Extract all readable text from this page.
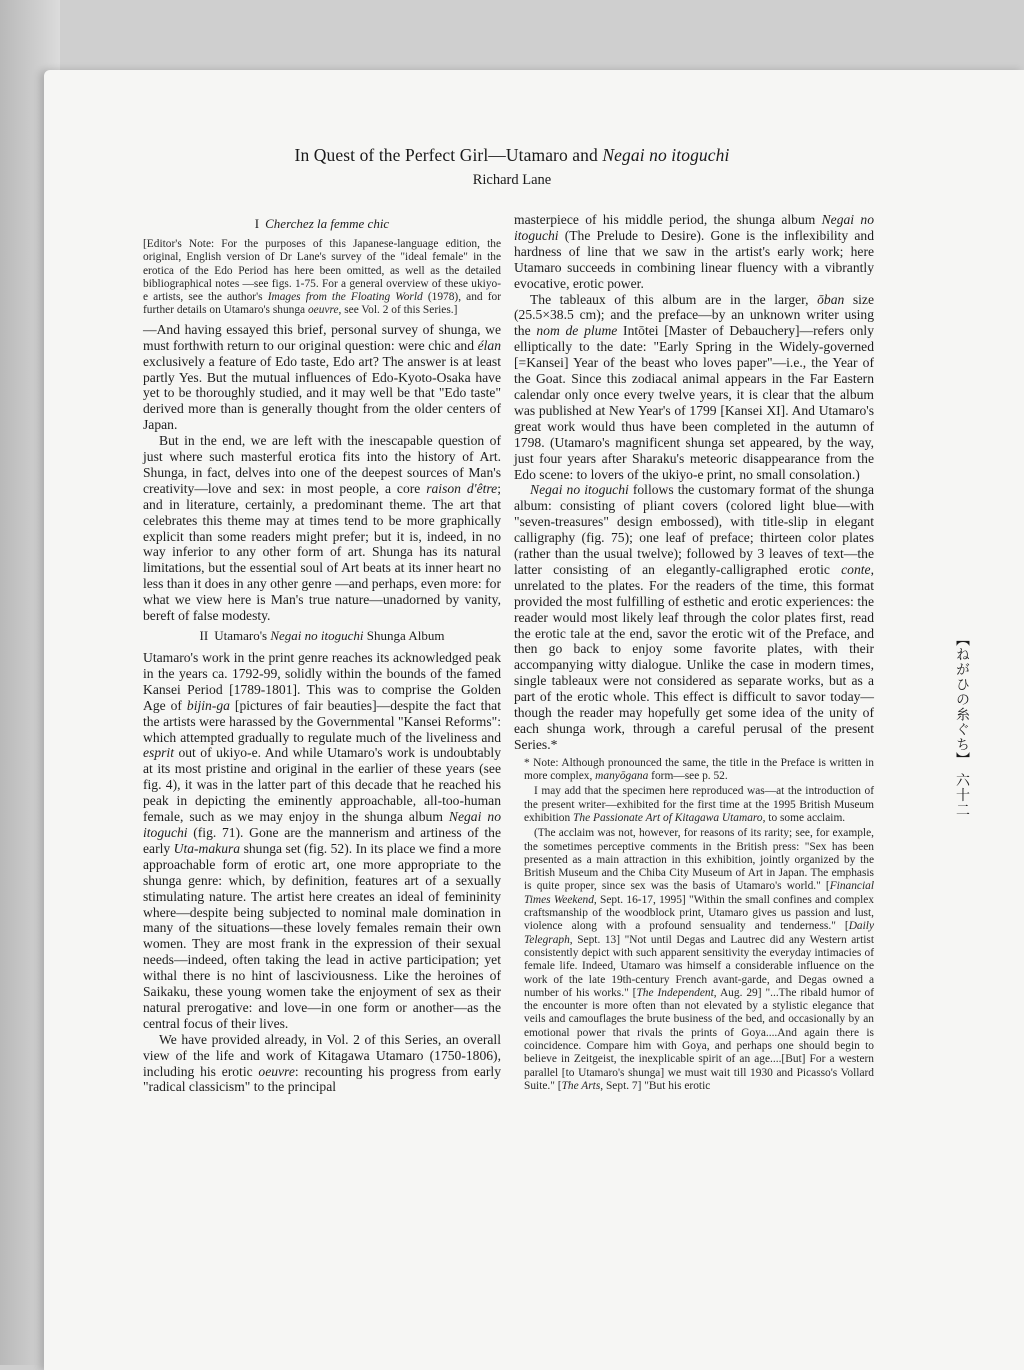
In Quest of the Perfect Girl—Utamaro and Negai no itoguchi
Richard Lane
I Cherchez la femme chic

[Editor's Note: For the purposes of this Japanese-language edition, the original, English version of Dr Lane's survey of the "ideal female" in the erotica of the Edo Period has here been omitted, as well as the detailed bibliographical notes —see figs. 1-75. For a general overview of these ukiyo-e artists, see the author's Images from the Floating World (1978), and for further details on Utamaro's shunga oeuvre, see Vol. 2 of this Series.]

—And having essayed this brief, personal survey of shunga, we must forthwith return to our original question: were chic and élan exclusively a feature of Edo taste, Edo art? The answer is at least partly Yes. But the mutual influences of Edo-Kyoto-Osaka have yet to be thoroughly studied, and it may well be that "Edo taste" derived more than is generally thought from the older centers of Japan.

But in the end, we are left with the inescapable question of just where such masterful erotica fits into the history of Art. Shunga, in fact, delves into one of the deepest sources of Man's creativity—love and sex: in most people, a core raison d'être; and in literature, certainly, a predominant theme. The art that celebrates this theme may at times tend to be more graphically explicit than some readers might prefer; but it is, indeed, in no way inferior to any other form of art. Shunga has its natural limitations, but the essential soul of Art beats at its inner heart no less than it does in any other genre —and perhaps, even more: for what we view here is Man's true nature—unadorned by vanity, bereft of false modesty.

II Utamaro's Negai no itoguchi Shunga Album

Utamaro's work in the print genre reaches its acknowledged peak in the years ca. 1792-99, solidly within the bounds of the famed Kansei Period [1789-1801]. This was to comprise the Golden Age of bijin-ga [pictures of fair beauties]—despite the fact that the artists were harassed by the Governmental "Kansei Reforms": which attempted gradually to regulate much of the liveliness and esprit out of ukiyo-e. And while Utamaro's work is undoubtably at its most pristine and original in the earlier of these years (see fig. 4), it was in the latter part of this decade that he reached his peak in depicting the eminently approachable, all-too-human female, such as we may enjoy in the shunga album Negai no itoguchi (fig. 71). Gone are the mannerism and artiness of the early Uta-makura shunga set (fig. 52). In its place we find a more approachable form of erotic art, one more appropriate to the shunga genre: which, by definition, features art of a sexually stimulating nature. The artist here creates an ideal of femininity where—despite being subjected to nominal male domination in many of the situations—these lovely females remain their own women. They are most frank in the expression of their sexual needs—indeed, often taking the lead in active participation; yet withal there is no hint of lasciviousness. Like the heroines of Saikaku, these young women take the enjoyment of sex as their natural prerogative: and love—in one form or another—as the central focus of their lives.

We have provided already, in Vol. 2 of this Series, an overall view of the life and work of Kitagawa Utamaro (1750-1806), including his erotic oeuvre: recounting his progress from early "radical classicism" to the principal

masterpiece of his middle period, the shunga album Negai no itoguchi (The Prelude to Desire). Gone is the inflexibility and hardness of line that we saw in the artist's early work; here Utamaro succeeds in combining linear fluency with a vibrantly evocative, erotic power.

The tableaux of this album are in the larger, ōban size (25.5×38.5 cm); and the preface—by an unknown writer using the nom de plume Intōtei [Master of Debauchery]—refers only elliptically to the date: "Early Spring in the Widely-governed [=Kansei] Year of the beast who loves paper"—i.e., the Year of the Goat. Since this zodiacal animal appears in the Far Eastern calendar only once every twelve years, it is clear that the album was published at New Year's of 1799 [Kansei XI]. And Utamaro's great work would thus have been completed in the autumn of 1798. (Utamaro's magnificent shunga set appeared, by the way, just four years after Sharaku's meteoric disappearance from the Edo scene: to lovers of the ukiyo-e print, no small consolation.)

Negai no itoguchi follows the customary format of the shunga album: consisting of pliant covers (colored light blue—with "seven-treasures" design embossed), with title-slip in elegant calligraphy (fig. 75); one leaf of preface; thirteen color plates (rather than the usual twelve); followed by 3 leaves of text—the latter consisting of an elegantly-calligraphed erotic conte, unrelated to the plates. For the readers of the time, this format provided the most fulfilling of esthetic and erotic experiences: the reader would most likely leaf through the color plates first, read the erotic tale at the end, savor the erotic wit of the Preface, and then go back to enjoy some favorite plates, with their accompanying witty dialogue. Unlike the case in modern times, single tableaux were not considered as separate works, but as a part of the erotic whole. This effect is difficult to savor today—though the reader may hopefully get some idea of the unity of each shunga work, through a careful perusal of the present Series.*

* Note: Although pronounced the same, the title in the Preface is written in more complex, manyōgana form—see p. 52.

I may add that the specimen here reproduced was—at the introduction of the present writer—exhibited for the first time at the 1995 British Museum exhibition The Passionate Art of Kitagawa Utamaro, to some acclaim.

(The acclaim was not, however, for reasons of its rarity; see, for example, the sometimes perceptive comments in the British press: "Sex has been presented as a main attraction in this exhibition, jointly organized by the British Museum and the Chiba City Museum of Art in Japan. The emphasis is quite proper, since sex was the basis of Utamaro's world." [Financial Times Weekend, Sept. 16-17, 1995] "Within the small confines and complex craftsmanship of the woodblock print, Utamaro gives us passion and lust, violence along with a profound sensuality and tenderness." [Daily Telegraph, Sept. 13] "Not until Degas and Lautrec did any Western artist consistently depict with such apparent sensitivity the everyday intimacies of female life. Indeed, Utamaro was himself a considerable influence on the work of the late 19th-century French avant-garde, and Degas owned a number of his works." [The Independent, Aug. 29] "...The ribald humor of the encounter is more often than not elevated by a stylistic elegance that veils and camouflages the brute business of the bed, and occasionally by an emotional power that rivals the prints of Goya....And again there is coincidence. Compare him with Goya, and perhaps one should begin to believe in Zeitgeist, the inexplicable spirit of an age....[But] For a western parallel [to Utamaro's shunga] we must wait till 1930 and Picasso's Vollard Suite." [The Arts, Sept. 7] "But his erotic

【ねがひの糸ぐち】 六十二
